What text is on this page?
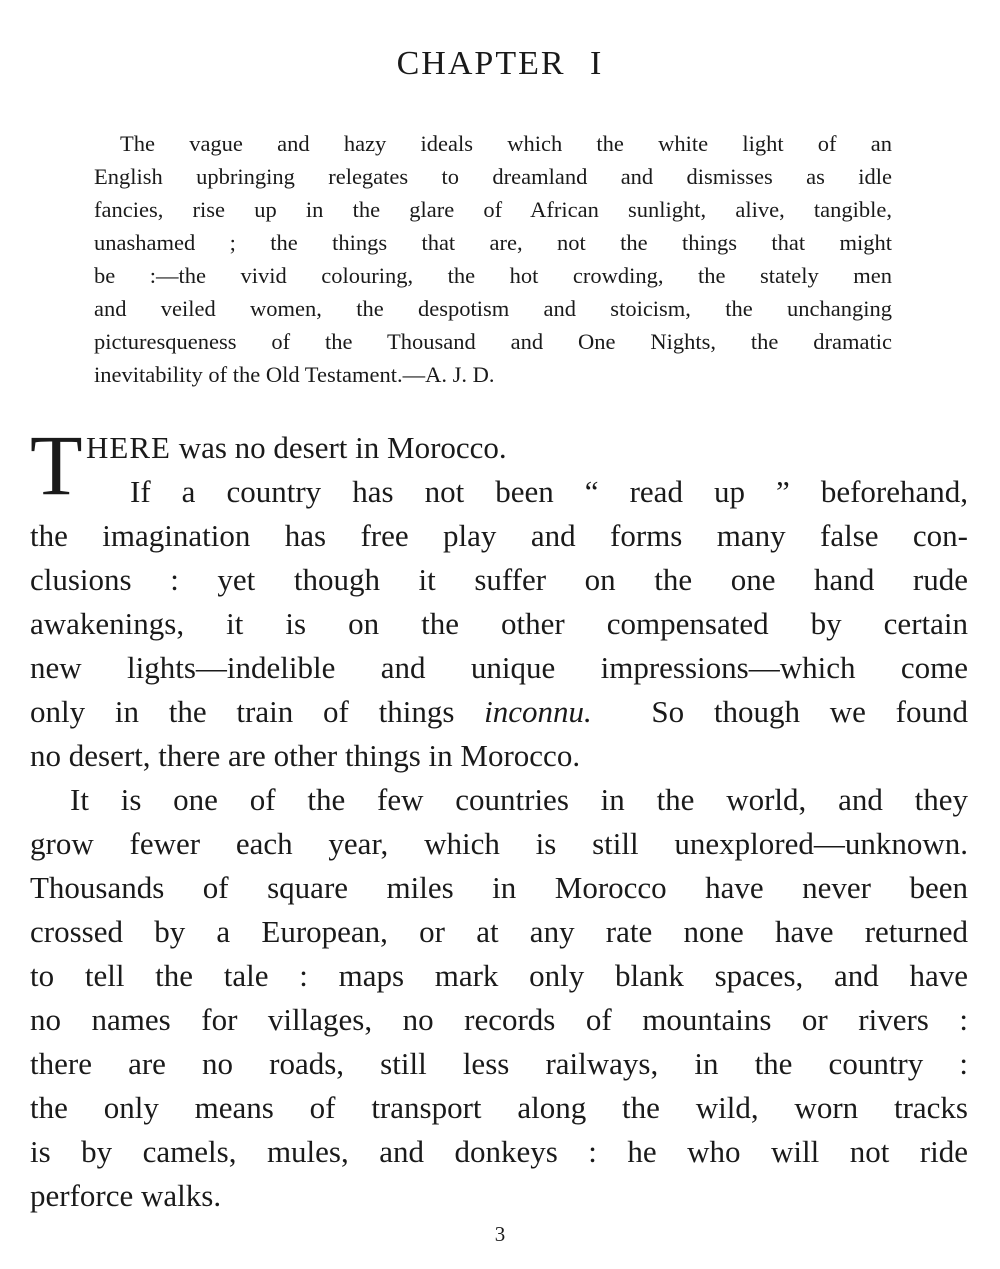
CHAPTER I
The vague and hazy ideals which the white light of an
English upbringing relegates to dreamland and dismisses as idle
fancies, rise up in the glare of African sunlight, alive, tangible,
unashamed ; the things that are, not the things that might
be :—the vivid colouring, the hot crowding, the stately men
and veiled women, the despotism and stoicism, the unchanging
picturesqueness of the Thousand and One Nights, the dramatic
inevitability of the Old Testament.—A. J. D.
T HERE was no desert in Morocco.
If a country has not been “ read up ” beforehand,
the imagination has free play and forms many false con-
clusions : yet though it suffer on the one hand rude
awakenings, it is on the other compensated by certain
new lights—indelible and unique impressions—which come
only in the train of things inconnu.  So though we found
no desert, there are other things in Morocco.
It is one of the few countries in the world, and they
grow fewer each year, which is still unexplored—unknown.
Thousands of square miles in Morocco have never been
crossed by a European, or at any rate none have returned
to tell the tale : maps mark only blank spaces, and have
no names for villages, no records of mountains or rivers :
there are no roads, still less railways, in the country :
the only means of transport along the wild, worn tracks
is by camels, mules, and donkeys : he who will not ride
perforce walks.
3
